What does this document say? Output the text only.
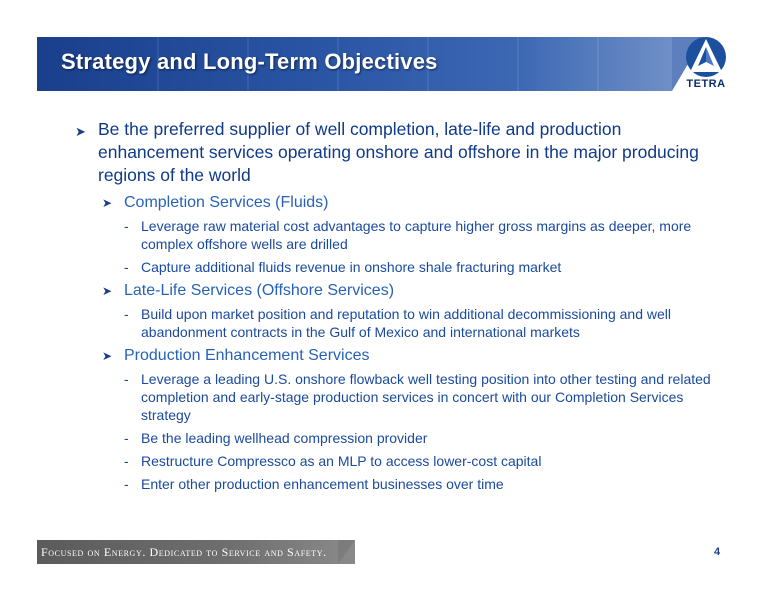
Strategy and Long-Term Objectives
TETRA
➤ Be the preferred supplier of well completion, late-life and production enhancement services operating onshore and offshore in the major producing regions of the world
➤ Completion Services (Fluids)
- Leverage raw material cost advantages to capture higher gross margins as deeper, more complex offshore wells are drilled
- Capture additional fluids revenue in onshore shale fracturing market
➤ Late-Life Services (Offshore Services)
- Build upon market position and reputation to win additional decommissioning and well abandonment contracts in the Gulf of Mexico and international markets
➤ Production Enhancement Services
- Leverage a leading U.S. onshore flowback well testing position into other testing and related completion and early-stage production services in concert with our Completion Services strategy
- Be the leading wellhead compression provider
- Restructure Compressco as an MLP to access lower-cost capital
- Enter other production enhancement businesses over time
Focused on Energy. Dedicated to Service and Safety.	4
